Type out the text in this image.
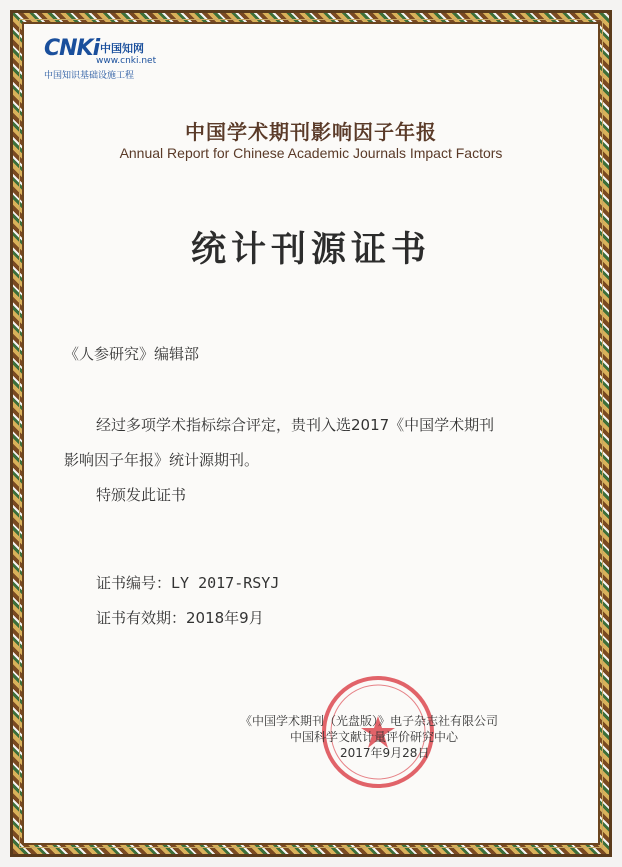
CNKi 中国知网
www.cnki.net
中国知识基础设施工程
中国学术期刊影响因子年报
Annual Report for Chinese Academic Journals Impact Factors
统计刊源证书
《人参研究》编辑部
经过多项学术指标综合评定，贵刊入选2017《中国学术期刊
影响因子年报》统计源期刊。
特颁发此证书
证书编号：LY 2017-RSYJ
证书有效期：2018年9月
《中国学术期刊（光盘版）》电子杂志社有限公司
中国科学文献计量评价研究中心
2017年9月28日
